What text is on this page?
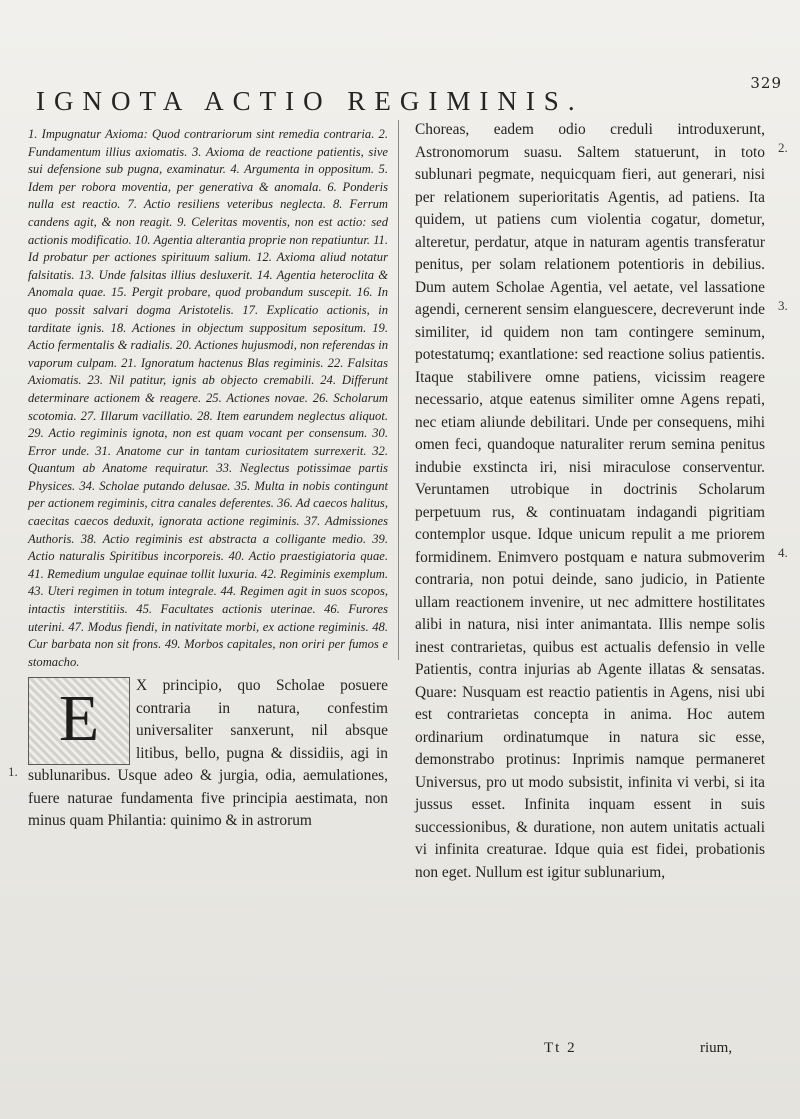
329
IGNOTA ACTIO REGIMINIS.

1. Impugnatur Axioma: Quod contrariorum sint remedia contraria. 2. Fundamentum illius axiomatis. 3. Axioma de reactione patientis, sive sui defensione sub pugna, examinatur. 4. Argumenta in oppositum. 5. Idem per robora moventia, per generativa & anomala. 6. Ponderis nulla est reactio. 7. Actio resiliens veteribus neglecta. 8. Ferrum candens agit, & non reagit. 9. Celeritas moventis, non est actio: sed actionis modificatio. 10. Agentia alterantia proprie non repatiuntur. 11. Id probatur per actiones spirituum salium. 12. Axioma aliud notatur falsitatis. 13. Unde falsitas illius desluxerit. 14. Agentia heteroclita & Anomala quae. 15. Pergit probare, quod probandum suscepit. 16. In quo possit salvari dogma Aristotelis. 17. Explicatio actionis, in tarditate ignis. 18. Actiones in objectum suppositum sepositum. 19. Actio fermentalis & radialis. 20. Actiones hujusmodi, non referendas in vaporum culpam. 21. Ignoratum hactenus Blas regiminis. 22. Falsitas Axiomatis. 23. Nil patitur, ignis ab objecto cremabili. 24. Differunt determinare actionem & reagere. 25. Actiones novae. 26. Scholarum scotomia. 27. Illarum vacillatio. 28. Item earundem neglectus aliquot. 29. Actio regiminis ignota, non est quam vocant per consensum. 30. Error unde. 31. Anatome cur in tantam curiositatem surrexerit. 32. Quantum ab Anatome requiratur. 33. Neglectus potissimae partis Physices. 34. Scholae putando delusae. 35. Multa in nobis contingunt per actionem regiminis, citra canales deferentes. 36. Ad caecos halitus, caecitas caecos deduxit, ignorata actione regiminis. 37. Admissiones Authoris. 38. Actio regiminis est abstracta a colligante medio. 39. Actio naturalis Spiritibus incorporeis. 40. Actio praestigiatoria quae. 41. Remedium ungulae equinae tollit luxuria. 42. Regiminis exemplum. 43. Uteri regimen in totum integrale. 44. Regimen agit in suos scopos, intactis interstitiis. 45. Facultates actionis uterinae. 46. Furores uterini. 47. Modus fiendi, in nativitate morbi, ex actione regiminis. 48. Cur barbata non sit frons. 49. Morbos capitales, non oriri per fumos e stomacho.

E	X principio, quo Scholae posuere contraria in natura, confestim universaliter sanxerunt, nil absque litibus, bello, pugna & dissidiis, agi in sublunaribus. Usque adeo & jurgia, odia, aemulationes, fuere naturae fundamenta five principia aestimata, non minus quam Philantia: quinimo & in astrorum

1.

Choreas, eadem odio creduli introduxerunt, Astronomorum suasu. Saltem statuerunt, in toto sublunari pegmate, nequicquam fieri, aut generari, nisi per relationem superioritatis Agentis, ad patiens. Ita quidem, ut patiens cum violentia cogatur, dometur, alteretur, perdatur, atque in naturam agentis transferatur penitus, per solam relationem potentioris in debilius. Dum autem Scholae Agentia, vel aetate, vel lassatione agendi, cernerent sensim elanguescere, decreverunt inde similiter, id quidem non tam contingere seminum, potestatumq; exantlatione: sed reactione solius patientis. Itaque stabilivere omne patiens, vicissim reagere necessario, atque eatenus similiter omne Agens repati, nec etiam aliunde debilitari. Unde per consequens, mihi omen feci, quandoque naturaliter rerum semina penitus indubie exstincta iri, nisi miraculose conserventur. Veruntamen utrobique in doctrinis Scholarum perpetuum rus, & continuatam indagandi pigritiam contemplor usque. Idque unicum repulit a me priorem formidinem. Enimvero postquam e natura submoverim contraria, non potui deinde, sano judicio, in Patiente ullam reactionem invenire, ut nec admittere hostilitates alibi in natura, nisi inter animantata. Illis nempe solis inest contrarietas, quibus est actualis defensio in velle Patientis, contra injurias ab Agente illatas & sensatas. Quare: Nusquam est reactio patientis in Agens, nisi ubi est contrarietas concepta in anima. Hoc autem ordinarium ordinatumque in natura sic esse, demonstrabo protinus: Inprimis namque permaneret Universus, pro ut modo subsistit, infinita vi verbi, si ita jussus esset. Infinita inquam essent in suis successionibus, & duratione, non autem unitatis actuali vi infinita creaturae. Idque quia est fidei, probationis non eget. Nullum est igitur sublunarium,

2.
3.
4.
Tt 2	rium,
